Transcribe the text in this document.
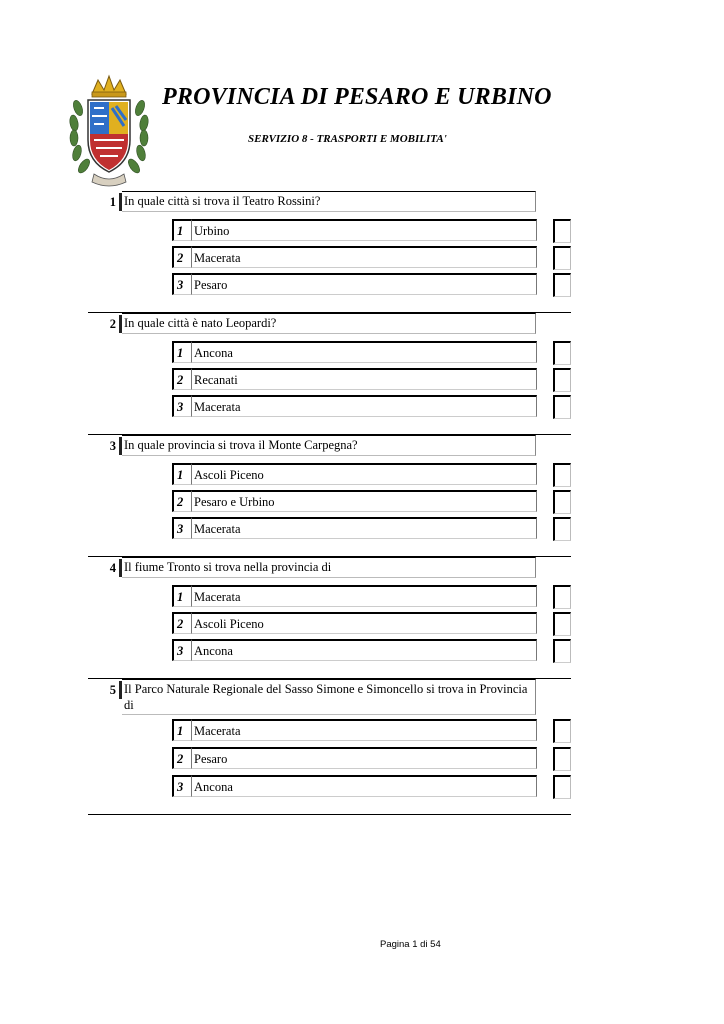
PROVINCIA DI PESARO E URBINO
SERVIZIO 8 - TRASPORTI E MOBILITA'
1 In quale città si trova il Teatro Rossini?
1 Urbino
2 Macerata
3 Pesaro
2 In quale città è nato Leopardi?
1 Ancona
2 Recanati
3 Macerata
3 In quale provincia si trova il Monte Carpegna?
1 Ascoli Piceno
2 Pesaro e Urbino
3 Macerata
4 Il fiume Tronto si trova nella provincia di
1 Macerata
2 Ascoli Piceno
3 Ancona
5 Il Parco Naturale Regionale del Sasso Simone e Simoncello si trova in Provincia di
1 Macerata
2 Pesaro
3 Ancona
Pagina 1 di 54
